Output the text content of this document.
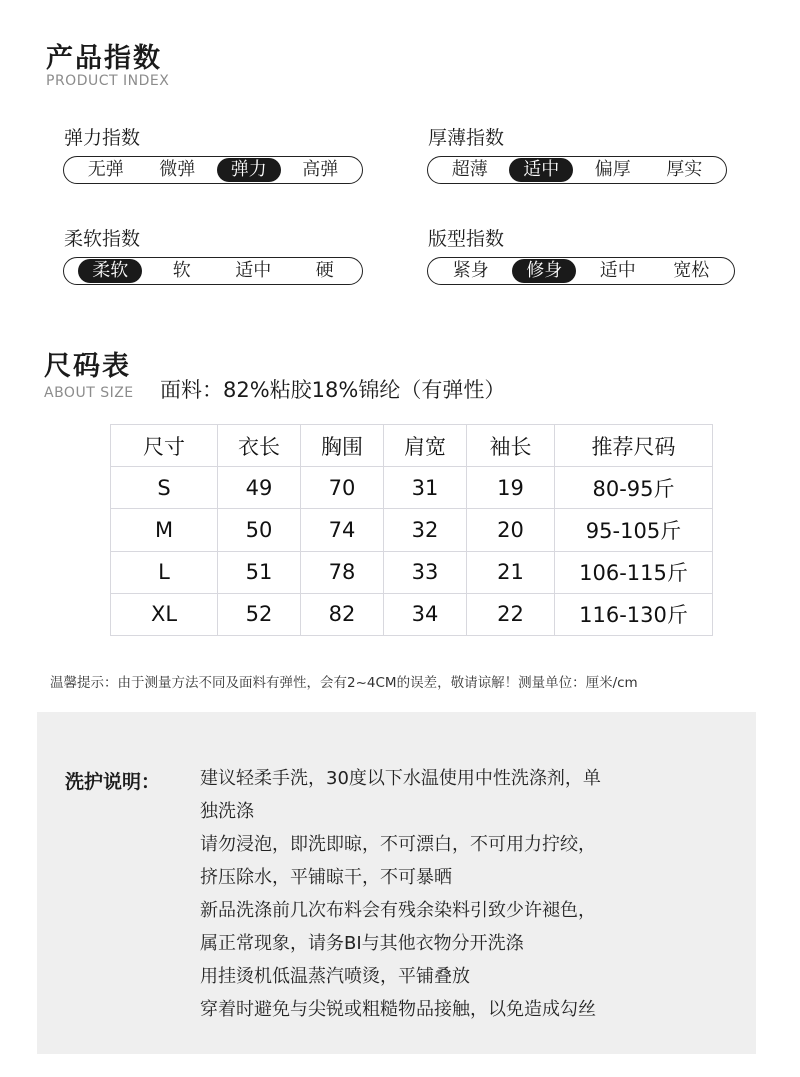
产品指数
PRODUCT INDEX
弹力指数
无弹	微弹	弹力	高弹
厚薄指数
超薄	适中	偏厚	厚实
柔软指数
柔软	软	适中	硬
版型指数
紧身	修身	适中	宽松
尺码表
ABOUT SIZE 面料：82%粘胶18%锦纶（有弹性）
尺寸	衣长	胸围	肩宽	袖长	推荐尺码
S	49	70	31	19	80-95斤
M	50	74	32	20	95-105斤
L	51	78	33	21	106-115斤
XL	52	82	34	22	116-130斤
温馨提示：由于测量方法不同及面料有弹性，会有2~4CM的误差，敬请谅解！测量单位：厘米/cm
洗护说明： 建议轻柔手洗，30度以下水温使用中性洗涤剂，单
独洗涤
请勿浸泡，即洗即晾，不可漂白，不可用力拧绞，
挤压除水，平铺晾干，不可暴晒
新品洗涤前几次布料会有残余染料引致少许褪色，
属正常现象，请务BI与其他衣物分开洗涤
用挂烫机低温蒸汽喷烫，平铺叠放
穿着时避免与尖锐或粗糙物品接触，以免造成勾丝
